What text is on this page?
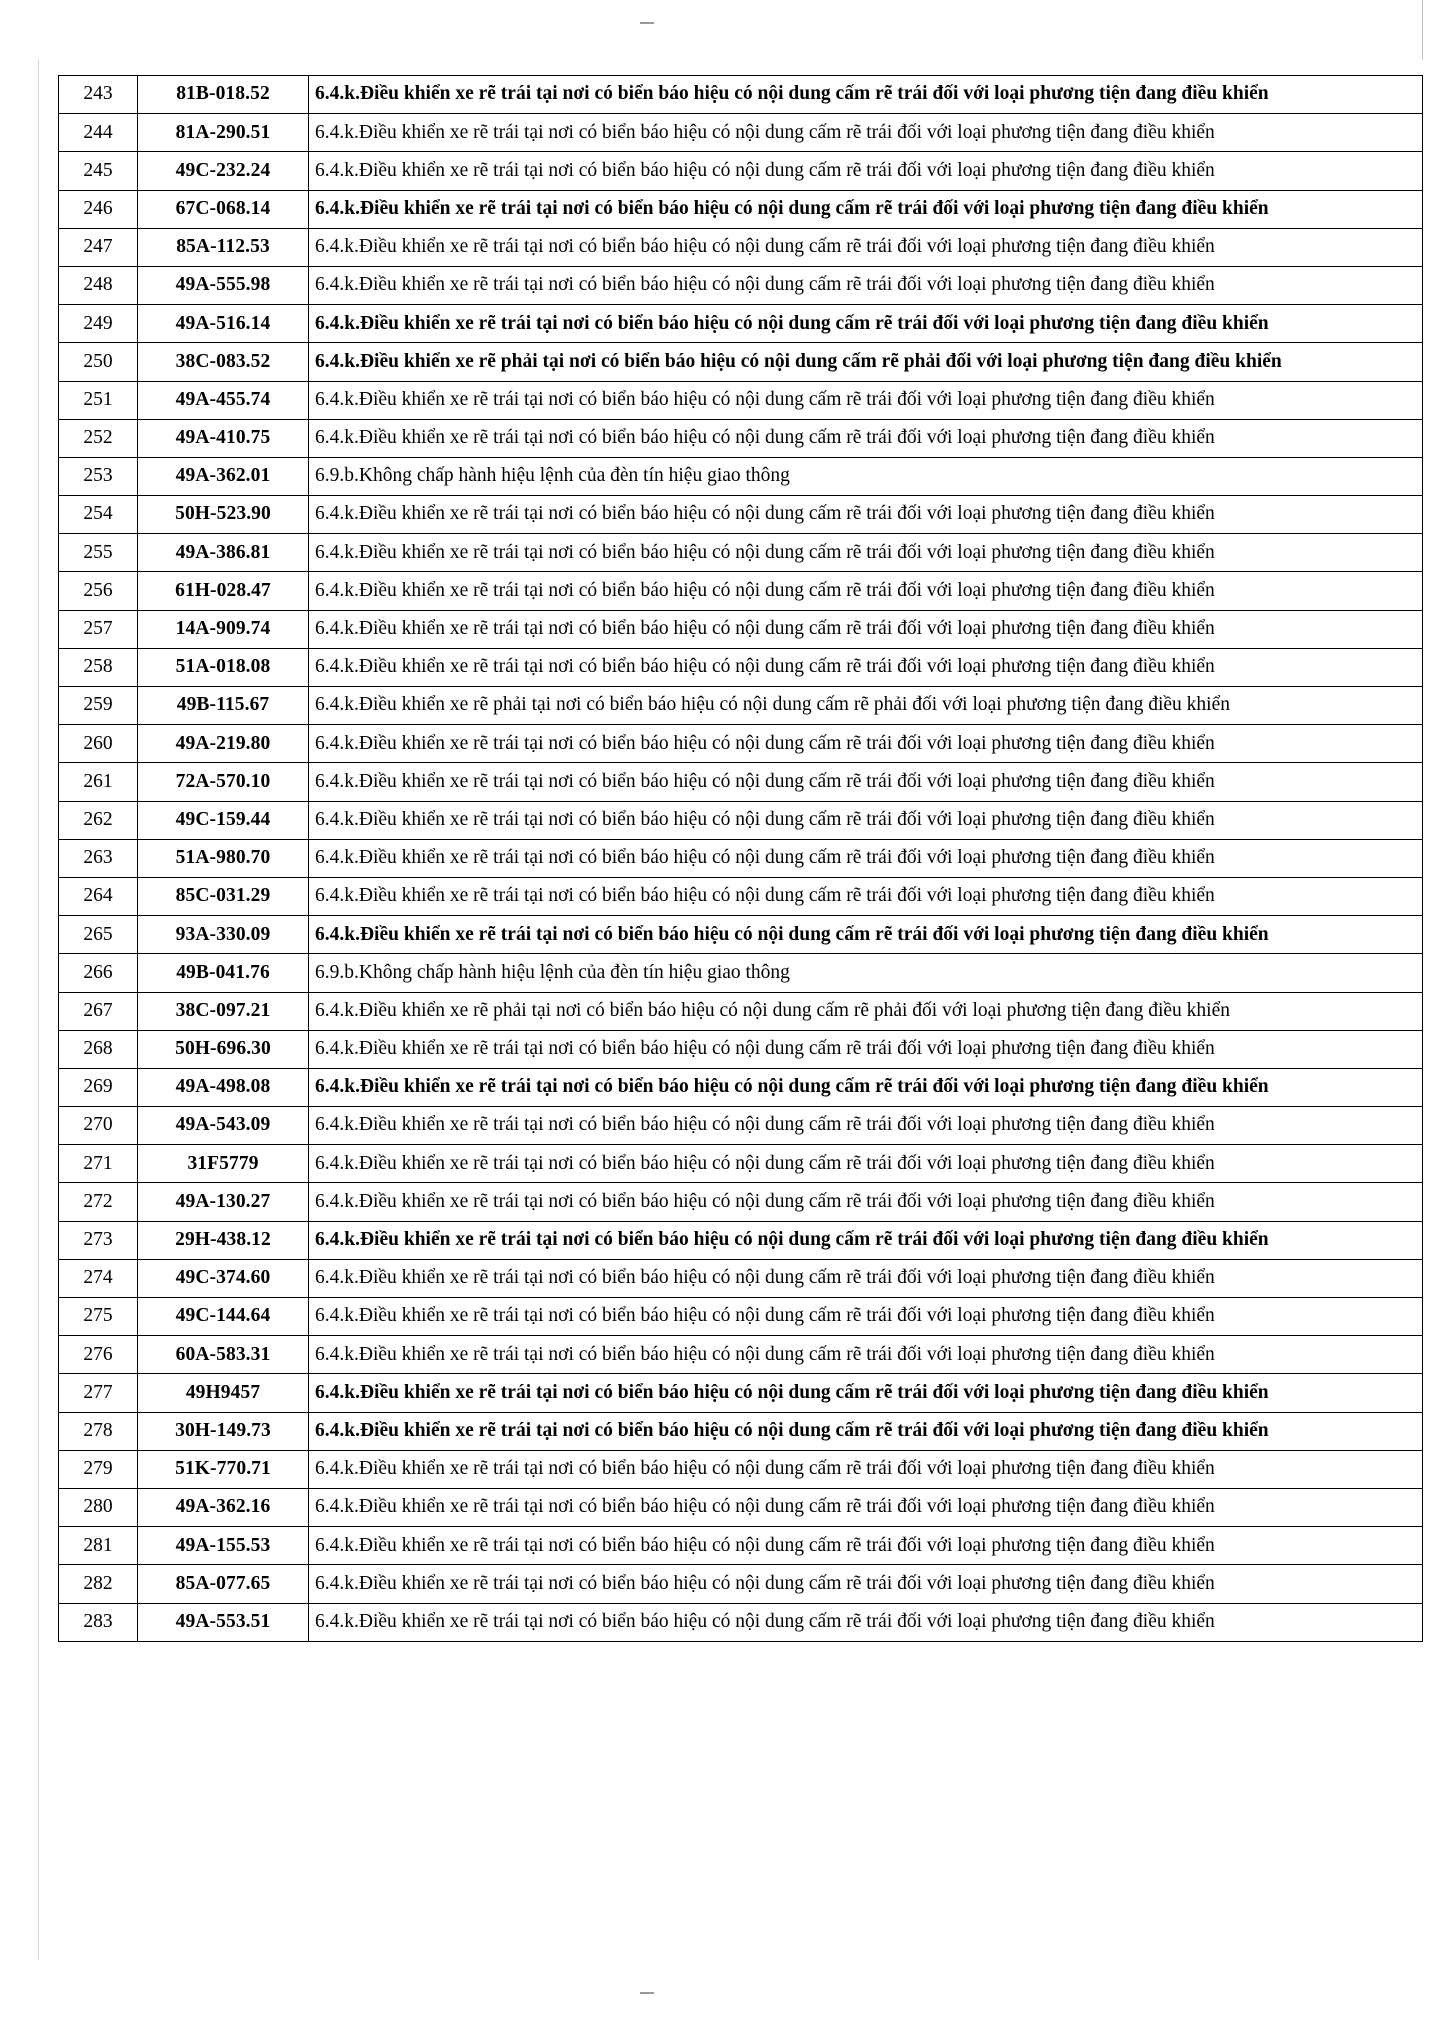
243	81B-018.52	6.4.k.Điều khiển xe rẽ trái tại nơi có biển báo hiệu có nội dung cấm rẽ trái đối với loại phương tiện đang điều khiển
244	81A-290.51	6.4.k.Điều khiển xe rẽ trái tại nơi có biển báo hiệu có nội dung cấm rẽ trái đối với loại phương tiện đang điều khiển
245	49C-232.24	6.4.k.Điều khiển xe rẽ trái tại nơi có biển báo hiệu có nội dung cấm rẽ trái đối với loại phương tiện đang điều khiển
246	67C-068.14	6.4.k.Điều khiển xe rẽ trái tại nơi có biển báo hiệu có nội dung cấm rẽ trái đối với loại phương tiện đang điều khiển
247	85A-112.53	6.4.k.Điều khiển xe rẽ trái tại nơi có biển báo hiệu có nội dung cấm rẽ trái đối với loại phương tiện đang điều khiển
248	49A-555.98	6.4.k.Điều khiển xe rẽ trái tại nơi có biển báo hiệu có nội dung cấm rẽ trái đối với loại phương tiện đang điều khiển
249	49A-516.14	6.4.k.Điều khiển xe rẽ trái tại nơi có biển báo hiệu có nội dung cấm rẽ trái đối với loại phương tiện đang điều khiển
250	38C-083.52	6.4.k.Điều khiển xe rẽ phải tại nơi có biển báo hiệu có nội dung cấm rẽ phải đối với loại phương tiện đang điều khiển
251	49A-455.74	6.4.k.Điều khiển xe rẽ trái tại nơi có biển báo hiệu có nội dung cấm rẽ trái đối với loại phương tiện đang điều khiển
252	49A-410.75	6.4.k.Điều khiển xe rẽ trái tại nơi có biển báo hiệu có nội dung cấm rẽ trái đối với loại phương tiện đang điều khiển
253	49A-362.01	6.9.b.Không chấp hành hiệu lệnh của đèn tín hiệu giao thông
254	50H-523.90	6.4.k.Điều khiển xe rẽ trái tại nơi có biển báo hiệu có nội dung cấm rẽ trái đối với loại phương tiện đang điều khiển
255	49A-386.81	6.4.k.Điều khiển xe rẽ trái tại nơi có biển báo hiệu có nội dung cấm rẽ trái đối với loại phương tiện đang điều khiển
256	61H-028.47	6.4.k.Điều khiển xe rẽ trái tại nơi có biển báo hiệu có nội dung cấm rẽ trái đối với loại phương tiện đang điều khiển
257	14A-909.74	6.4.k.Điều khiển xe rẽ trái tại nơi có biển báo hiệu có nội dung cấm rẽ trái đối với loại phương tiện đang điều khiển
258	51A-018.08	6.4.k.Điều khiển xe rẽ trái tại nơi có biển báo hiệu có nội dung cấm rẽ trái đối với loại phương tiện đang điều khiển
259	49B-115.67	6.4.k.Điều khiển xe rẽ phải tại nơi có biển báo hiệu có nội dung cấm rẽ phải đối với loại phương tiện đang điều khiển
260	49A-219.80	6.4.k.Điều khiển xe rẽ trái tại nơi có biển báo hiệu có nội dung cấm rẽ trái đối với loại phương tiện đang điều khiển
261	72A-570.10	6.4.k.Điều khiển xe rẽ trái tại nơi có biển báo hiệu có nội dung cấm rẽ trái đối với loại phương tiện đang điều khiển
262	49C-159.44	6.4.k.Điều khiển xe rẽ trái tại nơi có biển báo hiệu có nội dung cấm rẽ trái đối với loại phương tiện đang điều khiển
263	51A-980.70	6.4.k.Điều khiển xe rẽ trái tại nơi có biển báo hiệu có nội dung cấm rẽ trái đối với loại phương tiện đang điều khiển
264	85C-031.29	6.4.k.Điều khiển xe rẽ trái tại nơi có biển báo hiệu có nội dung cấm rẽ trái đối với loại phương tiện đang điều khiển
265	93A-330.09	6.4.k.Điều khiển xe rẽ trái tại nơi có biển báo hiệu có nội dung cấm rẽ trái đối với loại phương tiện đang điều khiển
266	49B-041.76	6.9.b.Không chấp hành hiệu lệnh của đèn tín hiệu giao thông
267	38C-097.21	6.4.k.Điều khiển xe rẽ phải tại nơi có biển báo hiệu có nội dung cấm rẽ phải đối với loại phương tiện đang điều khiển
268	50H-696.30	6.4.k.Điều khiển xe rẽ trái tại nơi có biển báo hiệu có nội dung cấm rẽ trái đối với loại phương tiện đang điều khiển
269	49A-498.08	6.4.k.Điều khiển xe rẽ trái tại nơi có biển báo hiệu có nội dung cấm rẽ trái đối với loại phương tiện đang điều khiển
270	49A-543.09	6.4.k.Điều khiển xe rẽ trái tại nơi có biển báo hiệu có nội dung cấm rẽ trái đối với loại phương tiện đang điều khiển
271	31F5779	6.4.k.Điều khiển xe rẽ trái tại nơi có biển báo hiệu có nội dung cấm rẽ trái đối với loại phương tiện đang điều khiển
272	49A-130.27	6.4.k.Điều khiển xe rẽ trái tại nơi có biển báo hiệu có nội dung cấm rẽ trái đối với loại phương tiện đang điều khiển
273	29H-438.12	6.4.k.Điều khiển xe rẽ trái tại nơi có biển báo hiệu có nội dung cấm rẽ trái đối với loại phương tiện đang điều khiển
274	49C-374.60	6.4.k.Điều khiển xe rẽ trái tại nơi có biển báo hiệu có nội dung cấm rẽ trái đối với loại phương tiện đang điều khiển
275	49C-144.64	6.4.k.Điều khiển xe rẽ trái tại nơi có biển báo hiệu có nội dung cấm rẽ trái đối với loại phương tiện đang điều khiển
276	60A-583.31	6.4.k.Điều khiển xe rẽ trái tại nơi có biển báo hiệu có nội dung cấm rẽ trái đối với loại phương tiện đang điều khiển
277	49H9457	6.4.k.Điều khiển xe rẽ trái tại nơi có biển báo hiệu có nội dung cấm rẽ trái đối với loại phương tiện đang điều khiển
278	30H-149.73	6.4.k.Điều khiển xe rẽ trái tại nơi có biển báo hiệu có nội dung cấm rẽ trái đối với loại phương tiện đang điều khiển
279	51K-770.71	6.4.k.Điều khiển xe rẽ trái tại nơi có biển báo hiệu có nội dung cấm rẽ trái đối với loại phương tiện đang điều khiển
280	49A-362.16	6.4.k.Điều khiển xe rẽ trái tại nơi có biển báo hiệu có nội dung cấm rẽ trái đối với loại phương tiện đang điều khiển
281	49A-155.53	6.4.k.Điều khiển xe rẽ trái tại nơi có biển báo hiệu có nội dung cấm rẽ trái đối với loại phương tiện đang điều khiển
282	85A-077.65	6.4.k.Điều khiển xe rẽ trái tại nơi có biển báo hiệu có nội dung cấm rẽ trái đối với loại phương tiện đang điều khiển
283	49A-553.51	6.4.k.Điều khiển xe rẽ trái tại nơi có biển báo hiệu có nội dung cấm rẽ trái đối với loại phương tiện đang điều khiển
